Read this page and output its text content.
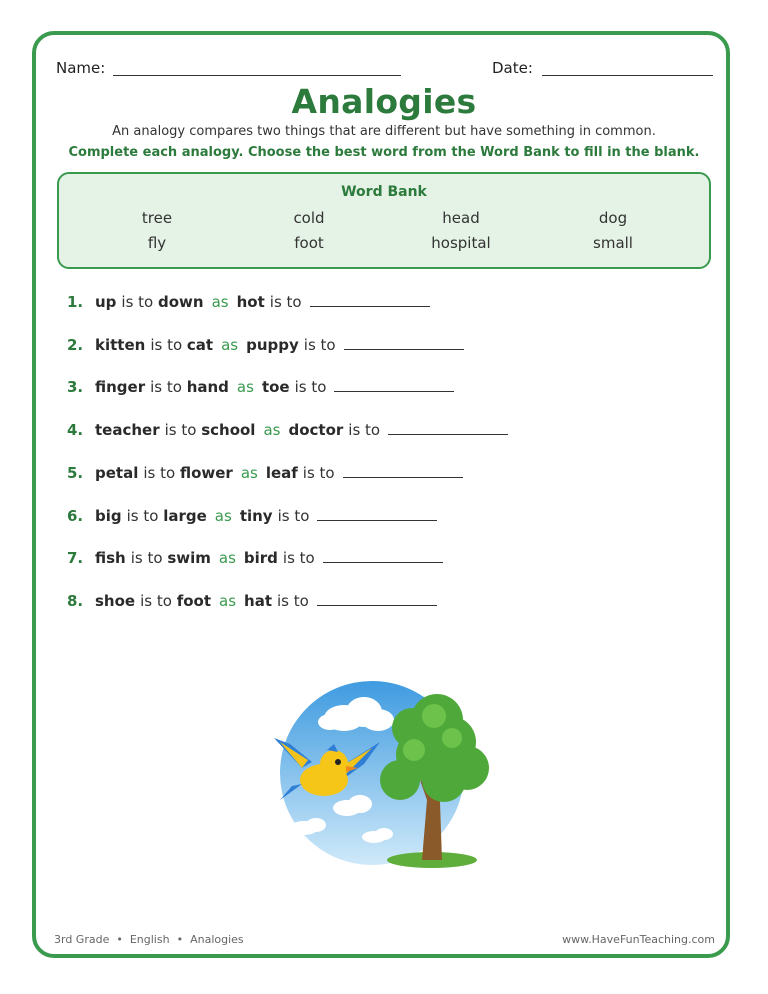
Name:	Date:
Analogies
An analogy compares two things that are different but have something in common.
Complete each analogy. Choose the best word from the Word Bank to fill in the blank.
Word Bank
tree	cold	head	dog
fly	foot	hospital	small
1. up is to
down as hot is to
2. kitten is to
cat as puppy is to
3. finger is to
hand as toe is to
4. teacher is to
school as doctor is to
5. petal is to
flower as leaf is to
6. big is to
large as tiny is to
7. fish is to
swim as bird is to
8. shoe is to
foot as hat is to
3rd Grade • English • Analogies	www.HaveFunTeaching.com
